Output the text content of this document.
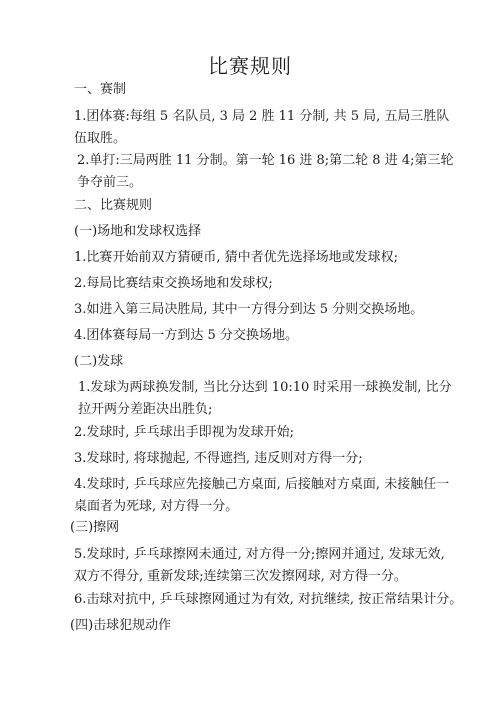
比赛规则
一、赛制
1.团体赛:每组 5 名队员, 3 局 2 胜 11 分制, 共 5 局, 五局三胜队伍取胜。
2.单打:三局两胜 11 分制。第一轮 16 进 8;第二轮 8 进 4;第三轮争夺前三。
二、比赛规则
(一)场地和发球权选择
1.比赛开始前双方猜硬币, 猜中者优先选择场地或发球权;
2.每局比赛结束交换场地和发球权;
3.如进入第三局决胜局, 其中一方得分到达 5 分则交换场地。
4.团体赛每局一方到达 5 分交换场地。
(二)发球
1.发球为两球换发制, 当比分达到 10:10 时采用一球换发制, 比分拉开两分差距决出胜负;
2.发球时, 乒乓球出手即视为发球开始;
3.发球时, 将球抛起, 不得遮挡, 违反则对方得一分;
4.发球时, 乒乓球应先接触己方桌面, 后接触对方桌面, 未接触任一桌面者为死球, 对方得一分。
(三)擦网
5.发球时, 乒乓球擦网未通过, 对方得一分;擦网并通过, 发球无效, 双方不得分, 重新发球;连续第三次发擦网球, 对方得一分。
6.击球对抗中, 乒乓球擦网通过为有效, 对抗继续, 按正常结果计分。
(四)击球犯规动作
